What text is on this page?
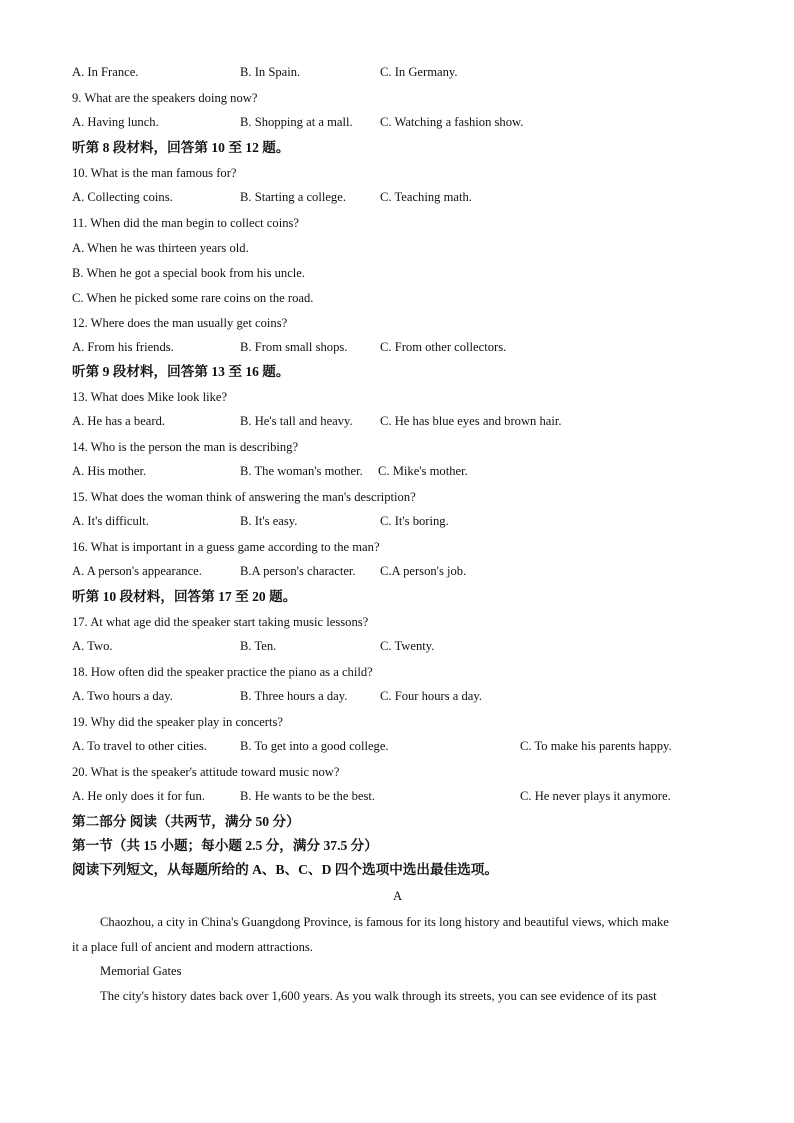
A. In France.	B. In Spain.	C. In Germany.
9. What are the speakers doing now?
A. Having lunch.	B. Shopping at a mall. C. Watching a fashion show.
听第 8 段材料，回答第 10 至 12 题。
10. What is the man famous for?
A. Collecting coins.	B. Starting a college.	C. Teaching math.
11. When did the man begin to collect coins?
A. When he was thirteen years old.
B. When he got a special book from his uncle.
C. When he picked some rare coins on the road.
12. Where does the man usually get coins?
A. From his friends.	B. From small shops.	C. From other collectors.
听第 9 段材料，回答第 13 至 16 题。
13. What does Mike look like?
A. He has a beard.	B. He's tall and heavy. C. He has blue eyes and brown hair.
14. Who is the person the man is describing?
A. His mother.	B. The woman's mother. C. Mike's mother.
15. What does the woman think of answering the man's description?
A. It's difficult.	B. It's easy.	C. It's boring.
16. What is important in a guess game according to the man?
A. A person's appearance.	B.A person's character. C.A person's job.
听第 10 段材料，回答第 17 至 20 题。
17. At what age did the speaker start taking music lessons?
A. Two.	B. Ten.	C. Twenty.
18. How often did the speaker practice the piano as a child?
A. Two hours a day.	B. Three hours a day.	C. Four hours a day.
19. Why did the speaker play in concerts?
A. To travel to other cities.	B. To get into a good college.	C. To make his parents happy.
20. What is the speaker's attitude toward music now?
A. He only does it for fun.	B. He wants to be the best.	C. He never plays it anymore.
第二部分 阅读（共两节，满分 50 分）
第一节（共 15 小题；每小题 2.5 分，满分 37.5 分）
阅读下列短文，从每题所给的 A、B、C、D 四个选项中选出最佳选项。
A
Chaozhou, a city in China's Guangdong Province, is famous for its long history and beautiful views, which make
it a place full of ancient and modern attractions.
Memorial Gates
The city's history dates back over 1,600 years. As you walk through its streets, you can see evidence of its past
